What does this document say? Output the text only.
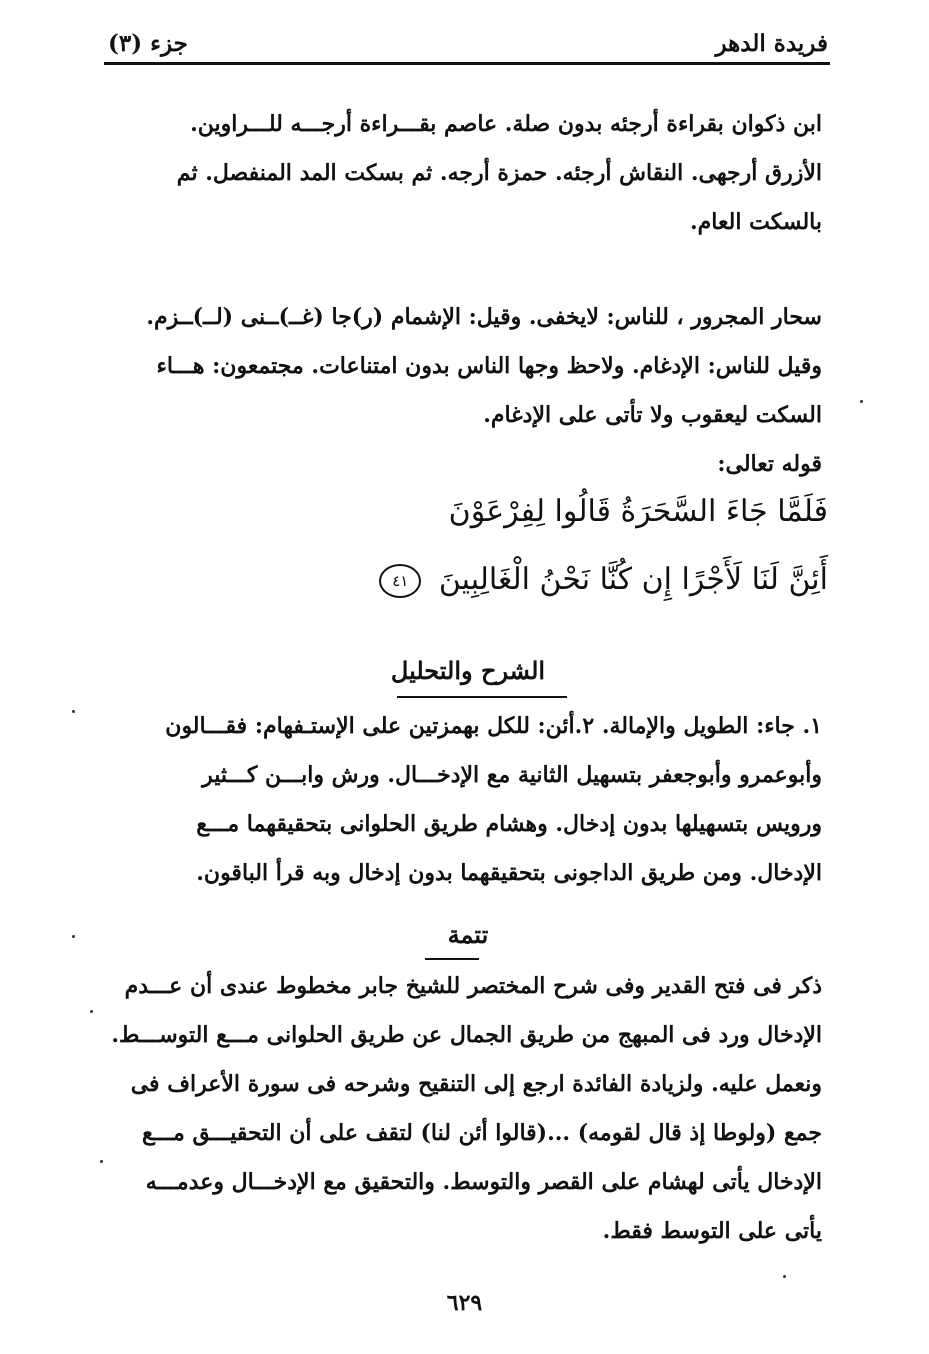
فريدة الدهر
جزء (٣)
ابن ذكوان بقراءة أرجئه بدون صلة. عاصم بقـــراءة أرجـــه للـــراوين.
الأزرق أرجهى. النقاش أرجئه. حمزة أرجه. ثم بسكت المد المنفصل. ثم
بالسكت العام.
سحار المجرور ، للناس: لايخفى. وقيل: الإشمام (ر)جا (غــ)ــنى (لــ)ــزم.
وقيل للناس: الإدغام. ولاحظ وجها الناس بدون امتناعات. مجتمعون: هـــاء
السكت ليعقوب ولا تأتى على الإدغام.
قوله تعالى:
فَلَمَّا جَاءَ السَّحَرَةُ قَالُوا لِفِرْعَوْنَ
أَئِنَّ لَنَا لَأَجْرًا إِن كُنَّا نَحْنُ الْغَالِبِينَ ٤١
الشرح والتحليل
١. جاء: الطويل والإمالة. ٢.أئن: للكل بهمزتين على الإستـفهام: فقـــالون
وأبوعمرو وأبوجعفر بتسهيل الثانية مع الإدخـــال. ورش وابـــن كـــثير
ورويس بتسهيلها بدون إدخال. وهشام طريق الحلوانى بتحقيقهما مـــع
الإدخال. ومن طريق الداجونى بتحقيقهما بدون إدخال وبه قرأ الباقون.
تتمة
ذكر فى فتح القدير وفى شرح المختصر للشيخ جابر مخطوط عندى أن عـــدم
الإدخال ورد فى المبهج من طريق الجمال عن طريق الحلوانى مـــع التوســـط.
ونعمل عليه. ولزيادة الفائدة ارجع إلى التنقيح وشرحه فى سورة الأعراف فى
جمع (ولوطا إذ قال لقومه) ...(قالوا أئن لنا) لتقف على أن التحقيـــق مـــع
الإدخال يأتى لهشام على القصر والتوسط. والتحقيق مع الإدخـــال وعدمـــه
يأتى على التوسط فقط.
٦٢٩
